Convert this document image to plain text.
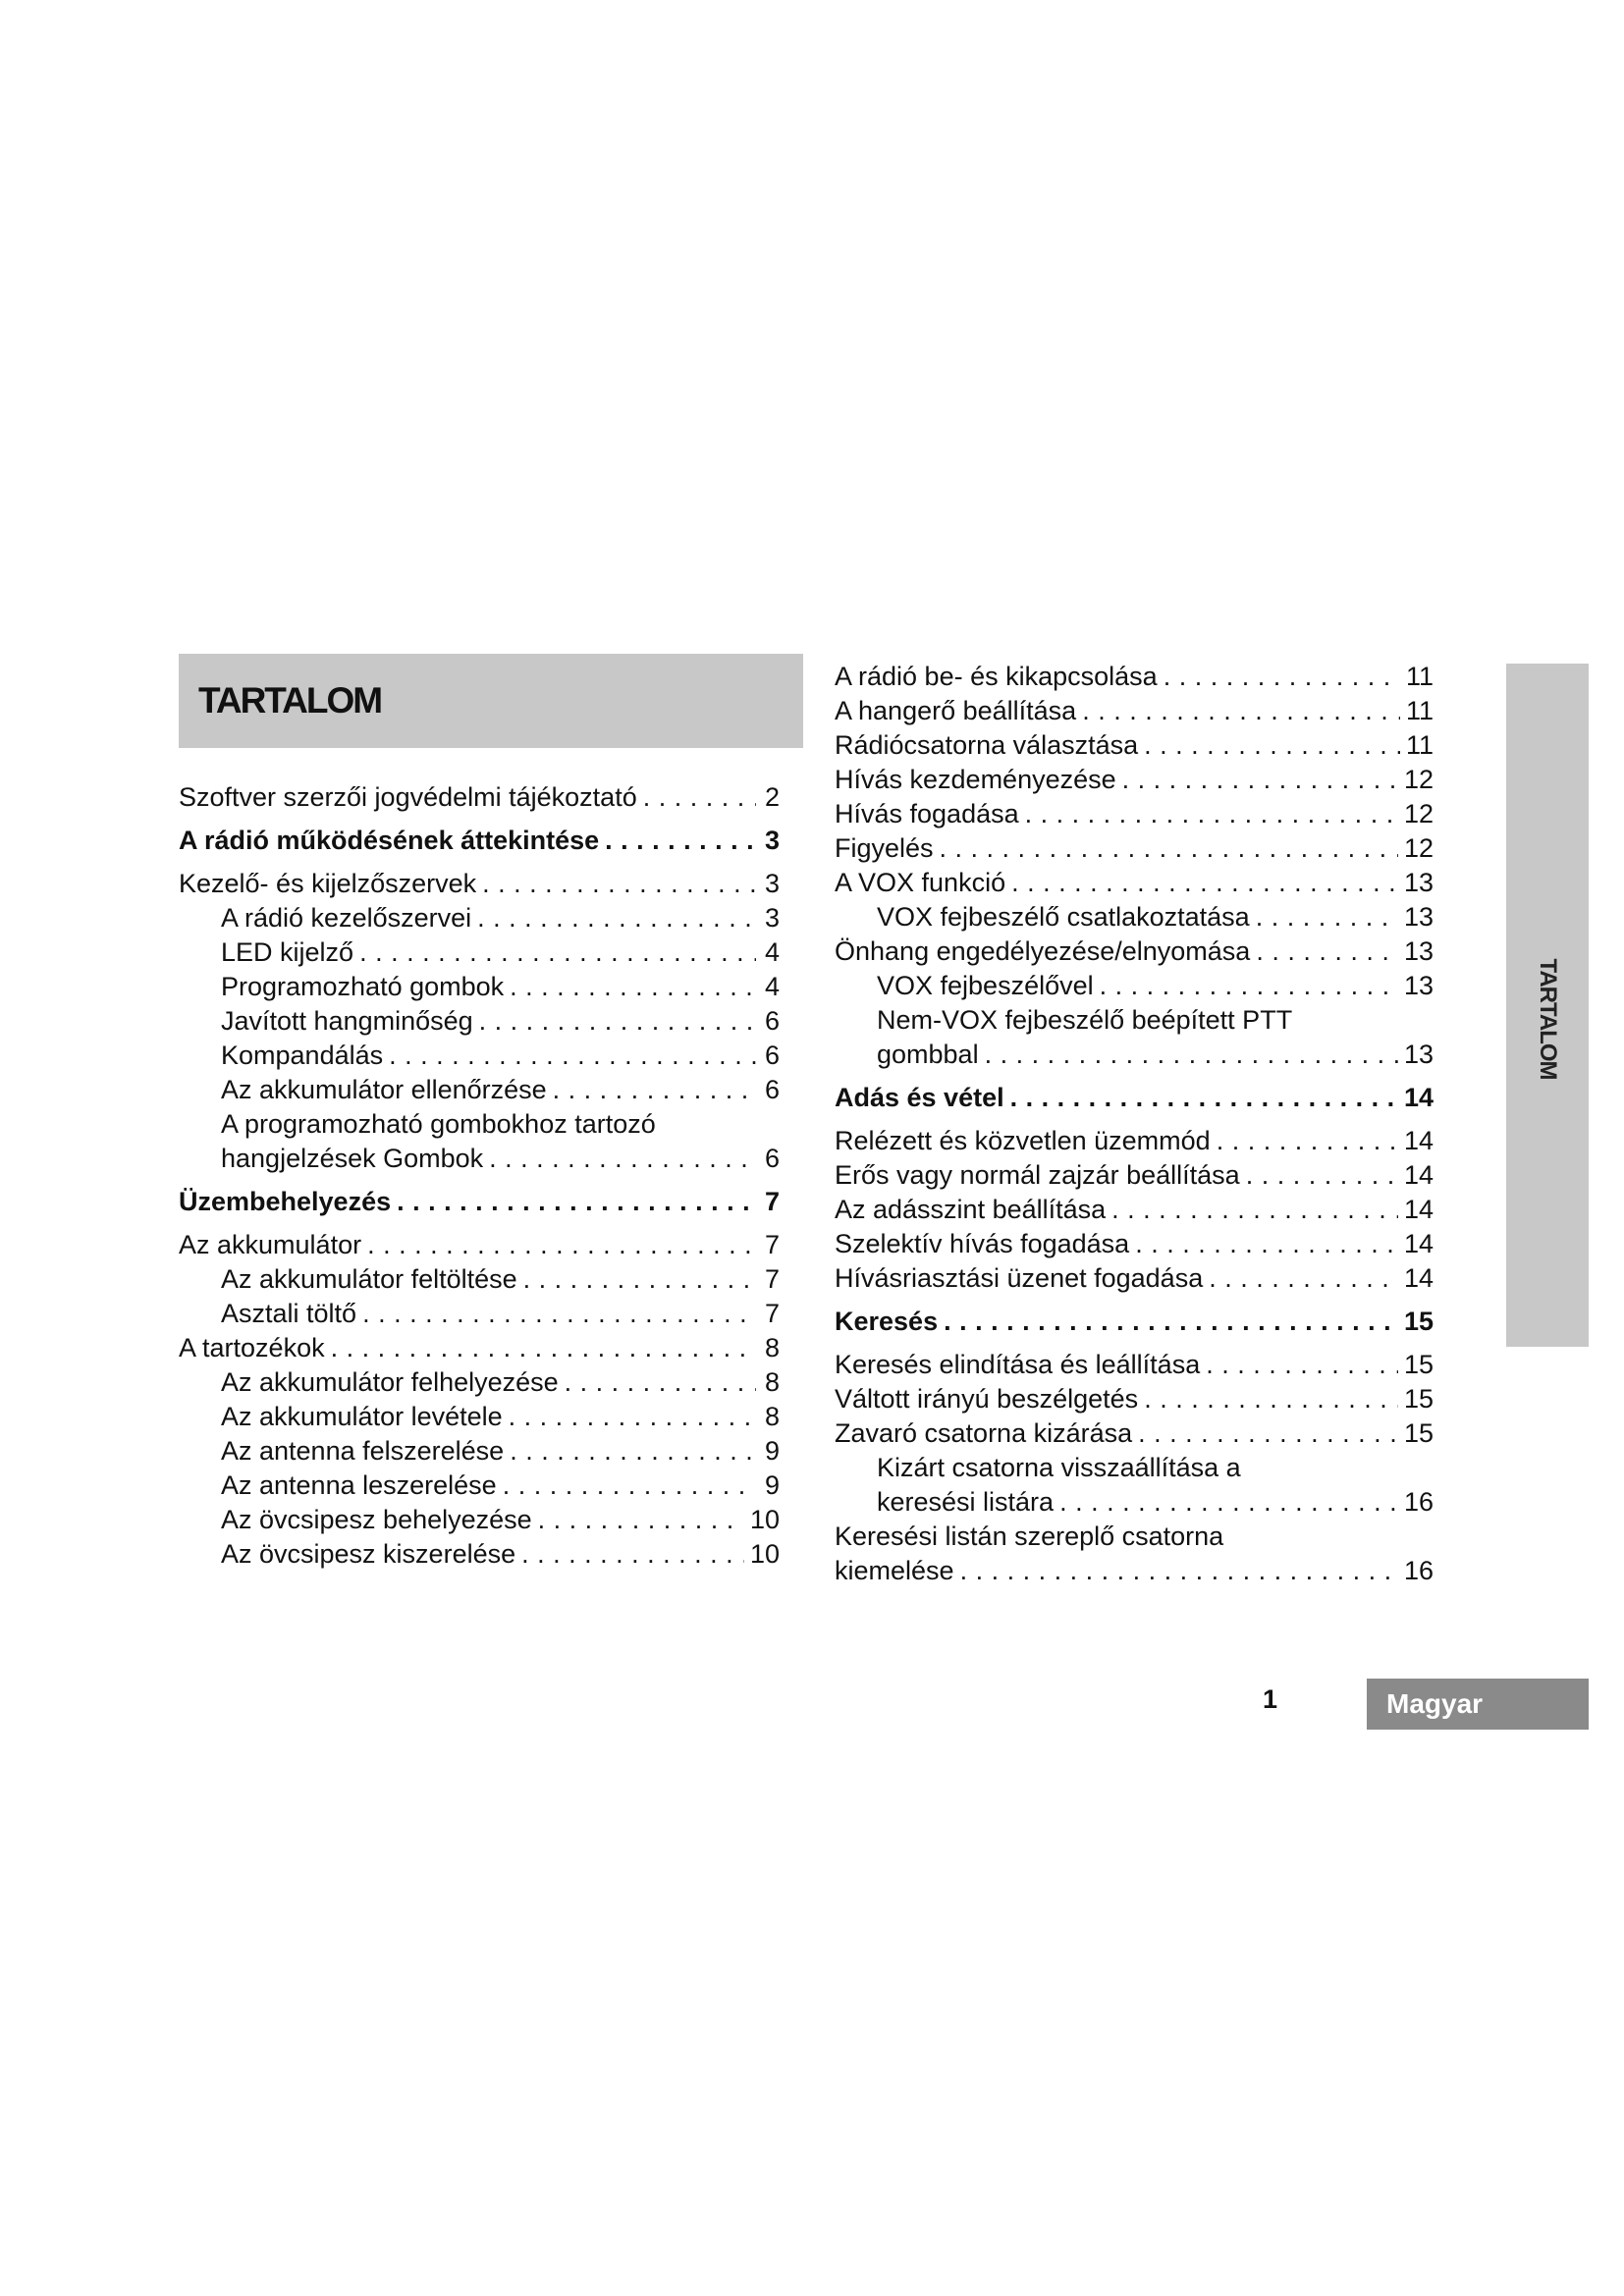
TARTALOM
Szoftver szerzői jogvédelmi tájékoztató . . .	2
A rádió működésének áttekintése . . .	3
Kezelő- és kijelzőszervek . . .	3
A rádió kezelőszervei . . .	3
LED kijelző . . .	4
Programozható gombok . . .	4
Javított hangminőség . . .	6
Kompandálás . . .	6
Az akkumulátor ellenőrzése . . .	6
A programozható gombokhoz tartozó
hangjelzések Gombok . . .	6
Üzembehelyezés . . .	7
Az akkumulátor . . .	7
Az akkumulátor feltöltése . . .	7
Asztali töltő . . .	7
A tartozékok . . .	8
Az akkumulátor felhelyezése . . .	8
Az akkumulátor levétele . . .	8
Az antenna felszerelése . . .	9
Az antenna leszerelése . . .	9
Az övcsipesz behelyezése . . .	10
Az övcsipesz kiszerelése . . .	10
A rádió be- és kikapcsolása . . .	11
A hangerő beállítása . . .	11
Rádiócsatorna választása . . .	11
Hívás kezdeményezése . . .	12
Hívás fogadása . . .	12
Figyelés . . .	12
A VOX funkció . . .	13
VOX fejbeszélő csatlakoztatása . . .	13
Önhang engedélyezése/elnyomása . . .	13
VOX fejbeszélővel . . .	13
Nem-VOX fejbeszélő beépített PTT
gombbal . . .	13
Adás és vétel . . .	14
Relézett és közvetlen üzemmód . . .	14
Erős vagy normál zajzár beállítása . . .	14
Az adásszint beállítása . . .	14
Szelektív hívás fogadása . . .	14
Hívásriasztási üzenet fogadása . . .	14
Keresés . . .	15
Keresés elindítása és leállítása . . .	15
Váltott irányú beszélgetés . . .	15
Zavaró csatorna kizárása . . .	15
Kizárt csatorna visszaállítása a
keresési listára . . .	16
Keresési listán szereplő csatorna
kiemelése . . .	16
TARTALOM
1	Magyar
